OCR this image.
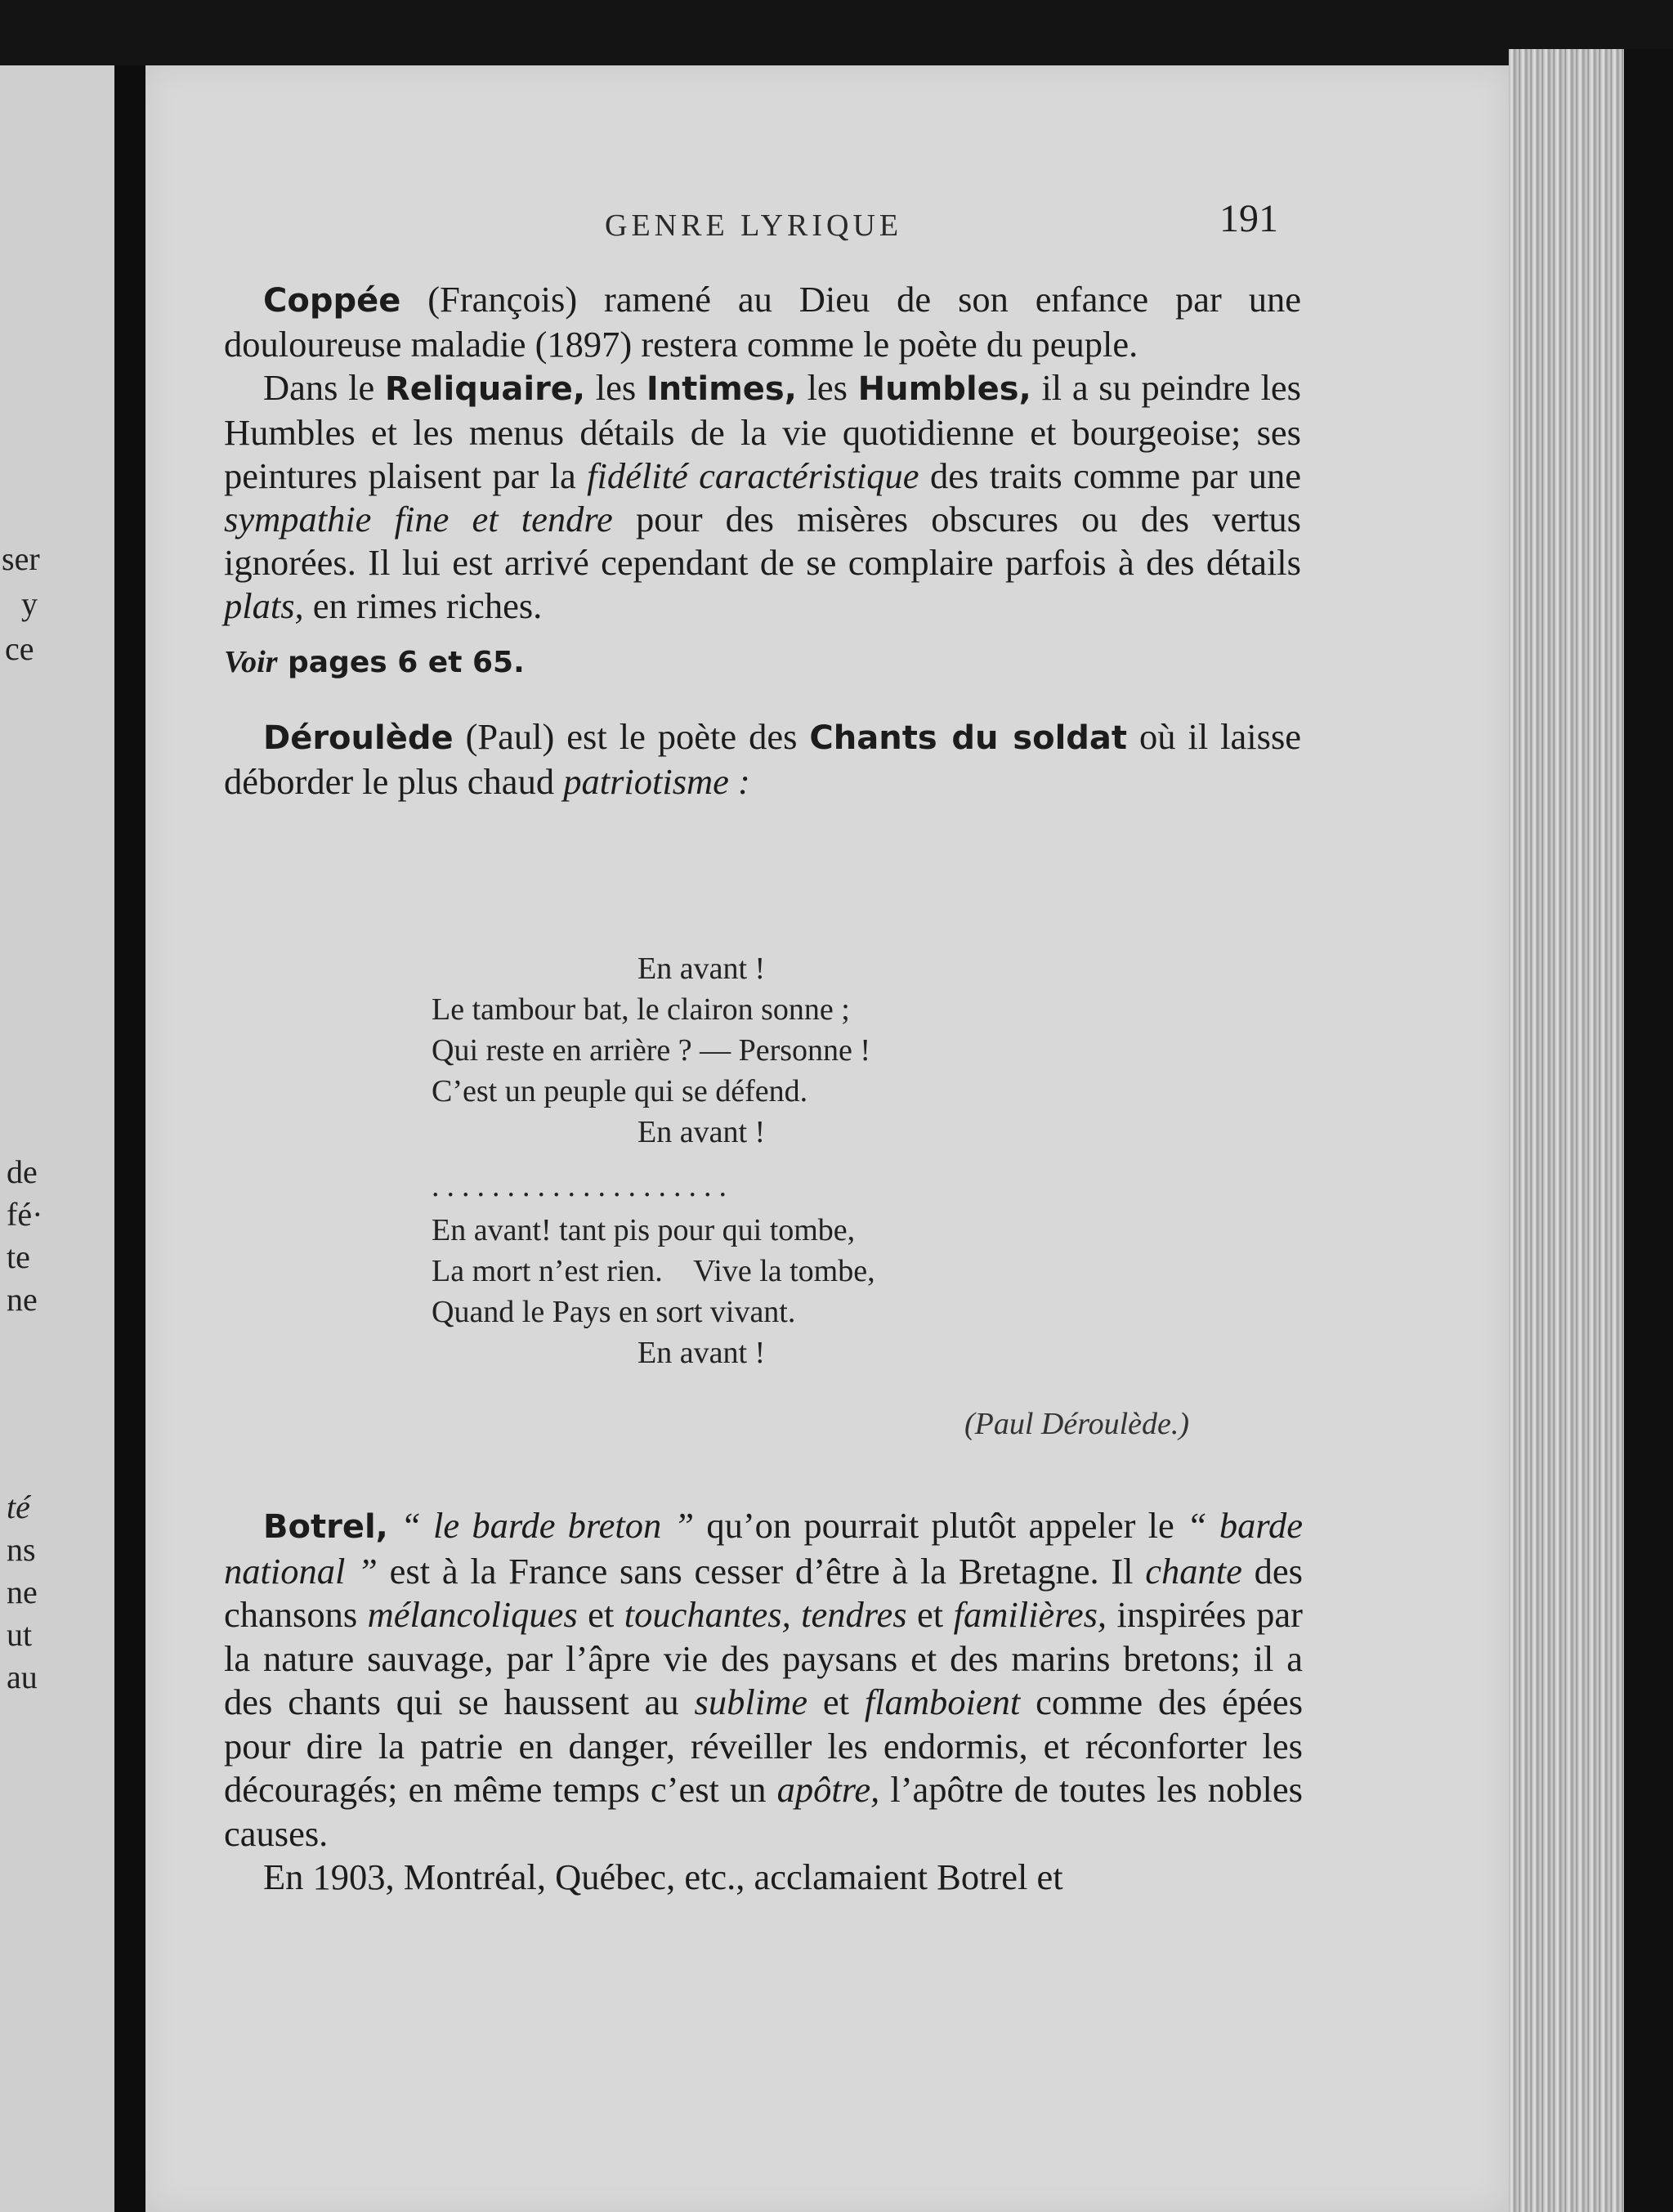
ser
y
ce
de
fé·
te
ne
té
ns
ne
ut
au
GENRE LYRIQUE	191

Coppée (François) ramené au Dieu de son enfance par une douloureuse maladie (1897) restera comme le poète du peuple.

Dans le Reliquaire, les Intimes, les Humbles, il a su peindre les Humbles et les menus détails de la vie quotidienne et bourgeoise; ses peintures plaisent par la fidélité caractéristique des traits comme par une sympathie fine et tendre pour des misères obscures ou des vertus ignorées. Il lui est arrivé cependant de se complaire parfois à des détails plats, en rimes riches.

Voir pages 6 et 65.

Déroulède (Paul) est le poète des Chants du soldat où il laisse déborder le plus chaud patriotisme :

En avant !
Le tambour bat, le clairon sonne ;
Qui reste en arrière ? — Personne !
C’est un peuple qui se défend.
En avant !
....................
En avant! tant pis pour qui tombe,
La mort n’est rien.    Vive la tombe,
Quand le Pays en sort vivant.
En avant !
(Paul Déroulède.)

Botrel, “ le barde breton ” qu’on pourrait plutôt appeler le “ barde national ” est à la France sans cesser d’être à la Bretagne. Il chante des chansons mélancoliques et touchantes, tendres et familières, inspirées par la nature sauvage, par l’âpre vie des paysans et des marins bretons; il a des chants qui se haussent au sublime et flamboient comme des épées pour dire la patrie en danger, réveiller les endormis, et réconforter les découragés; en même temps c’est un apôtre, l’apôtre de toutes les nobles causes.

En 1903, Montréal, Québec, etc., acclamaient Botrel et
